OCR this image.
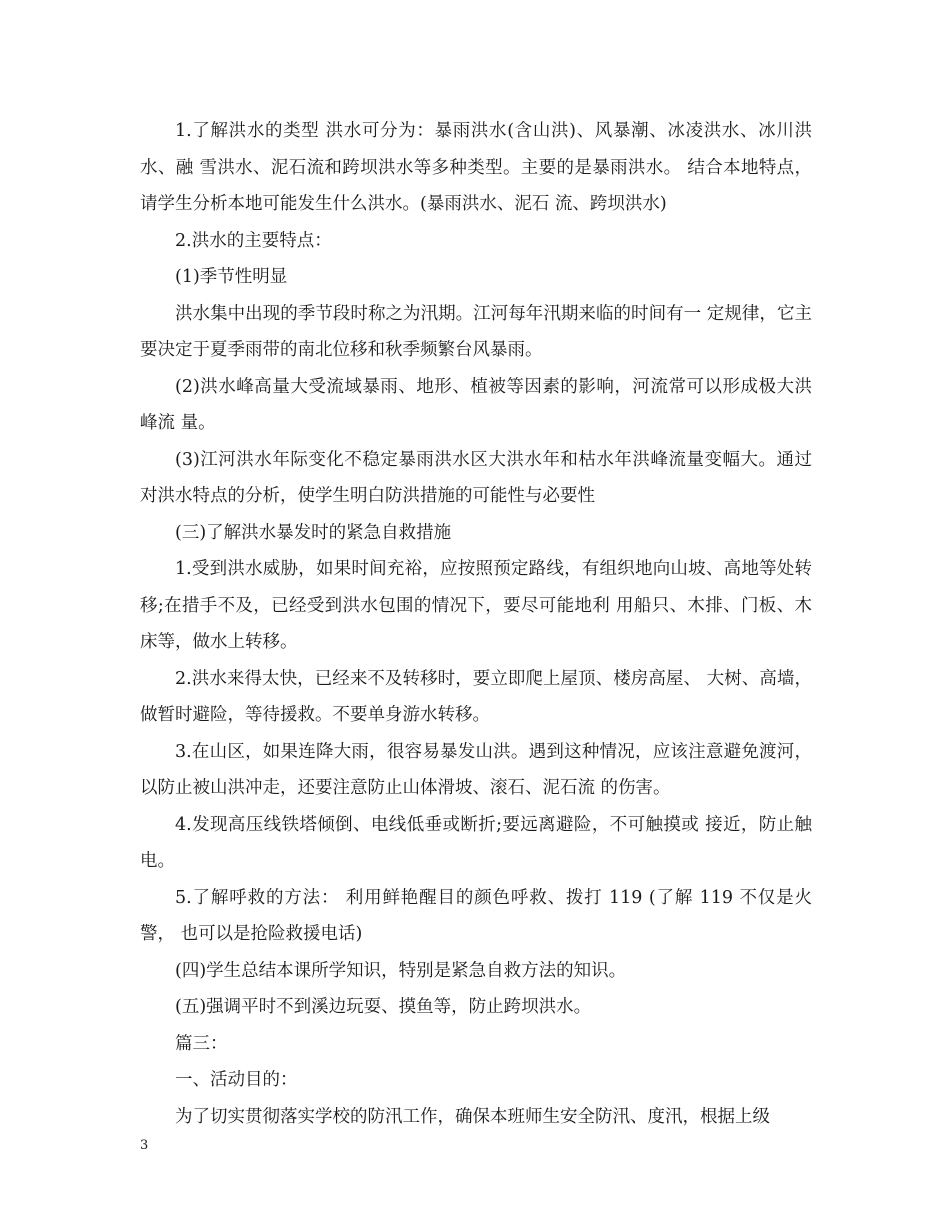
1.了解洪水的类型 洪水可分为：暴雨洪水(含山洪)、风暴潮、冰凌洪水、冰川洪水、融 雪洪水、泥石流和跨坝洪水等多种类型。主要的是暴雨洪水。 结合本地特点，请学生分析本地可能发生什么洪水。(暴雨洪水、泥石 流、跨坝洪水)

2.洪水的主要特点：

(1)季节性明显

洪水集中出现的季节段时称之为汛期。江河每年汛期来临的时间有一 定规律，它主要决定于夏季雨带的南北位移和秋季频繁台风暴雨。

(2)洪水峰高量大受流域暴雨、地形、植被等因素的影响，河流常可以形成极大洪峰流 量。

(3)江河洪水年际变化不稳定暴雨洪水区大洪水年和枯水年洪峰流量变幅大。通过对洪水特点的分析，使学生明白防洪措施的可能性与必要性

(三)了解洪水暴发时的紧急自救措施

1.受到洪水威胁，如果时间充裕，应按照预定路线，有组织地向山坡、高地等处转移;在措手不及，已经受到洪水包围的情况下，要尽可能地利 用船只、木排、门板、木床等，做水上转移。

2.洪水来得太快，已经来不及转移时，要立即爬上屋顶、楼房高屋、 大树、高墙，做暂时避险，等待援救。不要单身游水转移。

3.在山区，如果连降大雨，很容易暴发山洪。遇到这种情况，应该注意避免渡河，以防止被山洪冲走，还要注意防止山体滑坡、滚石、泥石流 的伤害。

4.发现高压线铁塔倾倒、电线低垂或断折;要远离避险，不可触摸或 接近，防止触电。

5.了解呼救的方法： 利用鲜艳醒目的颜色呼救、拨打 119 (了解 119 不仅是火警， 也可以是抢险救援电话)

(四)学生总结本课所学知识，特别是紧急自救方法的知识。

(五)强调平时不到溪边玩耍、摸鱼等，防止跨坝洪水。

篇三：

一、活动目的：

为了切实贯彻落实学校的防汛工作，确保本班师生安全防汛、度汛，根据上级

3
